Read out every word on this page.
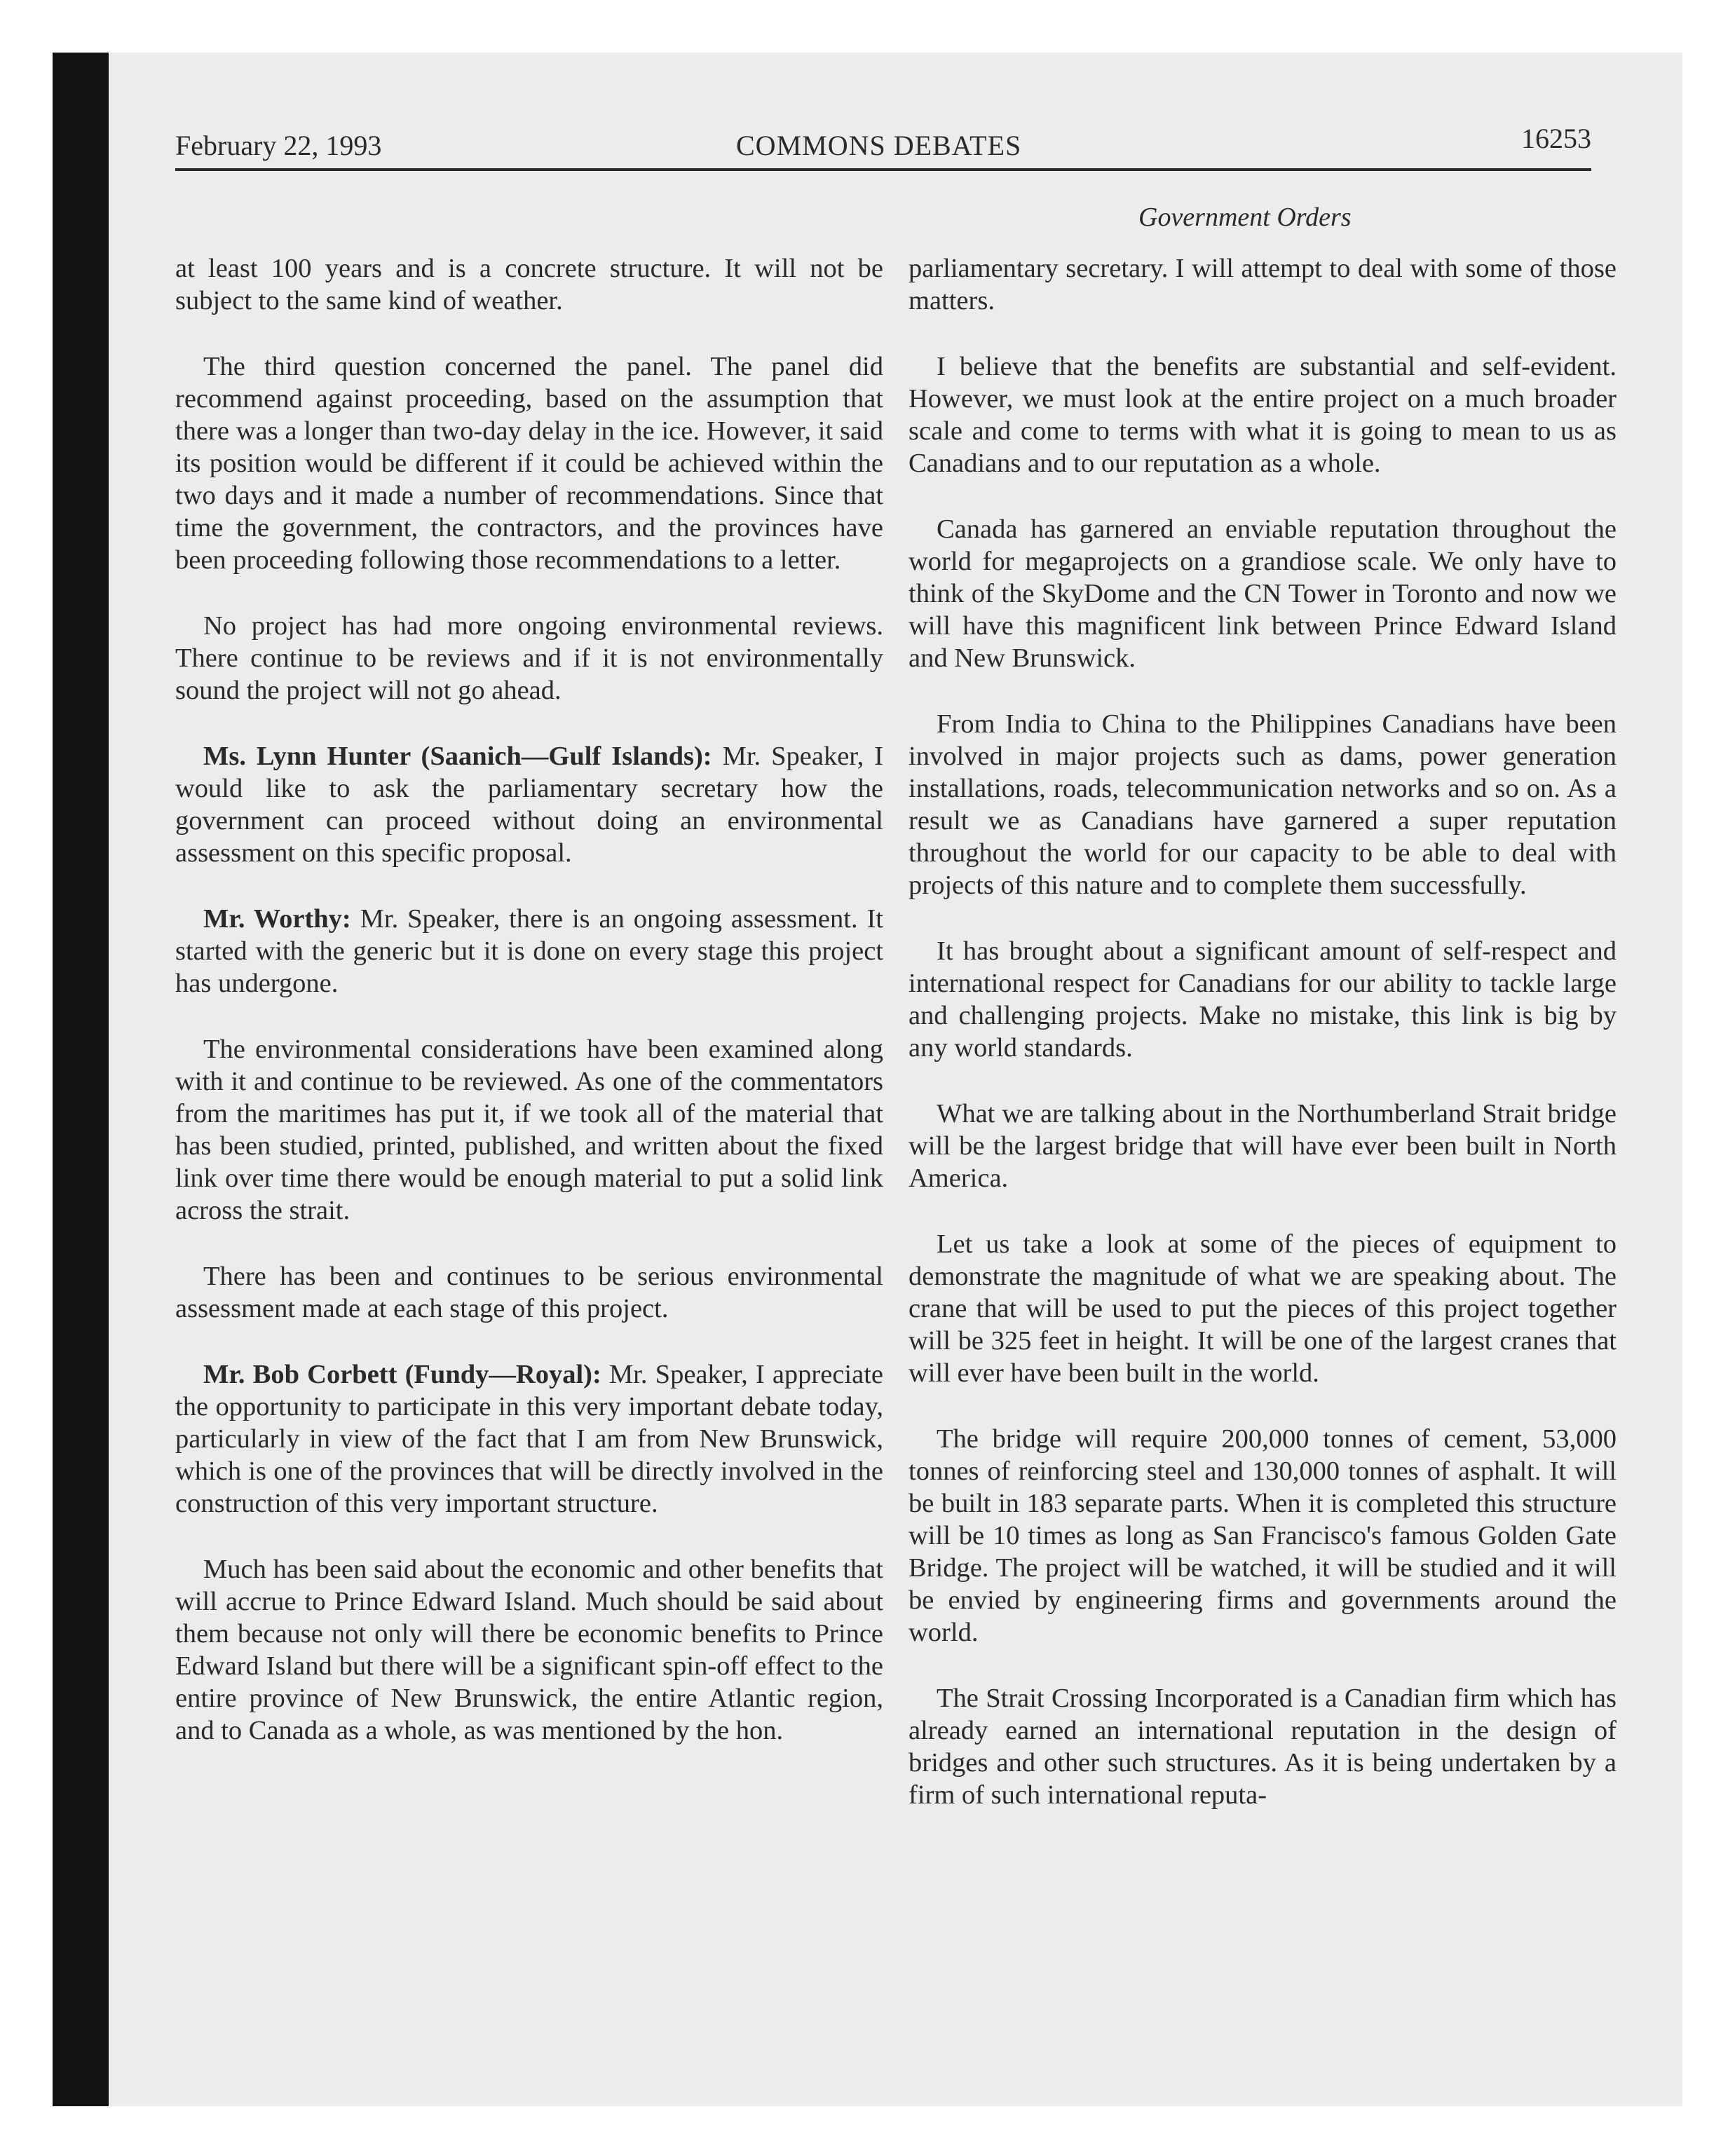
February 22, 1993	COMMONS DEBATES	16253
Government Orders

at least 100 years and is a concrete structure. It will not be subject to the same kind of weather.

The third question concerned the panel. The panel did recommend against proceeding, based on the assumption that there was a longer than two-day delay in the ice. However, it said its position would be different if it could be achieved within the two days and it made a number of recommendations. Since that time the government, the contractors, and the provinces have been proceeding following those recommendations to a letter.

No project has had more ongoing environmental reviews. There continue to be reviews and if it is not environmentally sound the project will not go ahead.

Ms. Lynn Hunter (Saanich—Gulf Islands): Mr. Speaker, I would like to ask the parliamentary secretary how the government can proceed without doing an environmental assessment on this specific proposal.

Mr. Worthy: Mr. Speaker, there is an ongoing assessment. It started with the generic but it is done on every stage this project has undergone.

The environmental considerations have been examined along with it and continue to be reviewed. As one of the commentators from the maritimes has put it, if we took all of the material that has been studied, printed, published, and written about the fixed link over time there would be enough material to put a solid link across the strait.

There has been and continues to be serious environmental assessment made at each stage of this project.

Mr. Bob Corbett (Fundy—Royal): Mr. Speaker, I appreciate the opportunity to participate in this very important debate today, particularly in view of the fact that I am from New Brunswick, which is one of the provinces that will be directly involved in the construction of this very important structure.

Much has been said about the economic and other benefits that will accrue to Prince Edward Island. Much should be said about them because not only will there be economic benefits to Prince Edward Island but there will be a significant spin-off effect to the entire province of New Brunswick, the entire Atlantic region, and to Canada as a whole, as was mentioned by the hon.

parliamentary secretary. I will attempt to deal with some of those matters.

I believe that the benefits are substantial and self-evident. However, we must look at the entire project on a much broader scale and come to terms with what it is going to mean to us as Canadians and to our reputation as a whole.

Canada has garnered an enviable reputation throughout the world for megaprojects on a grandiose scale. We only have to think of the SkyDome and the CN Tower in Toronto and now we will have this magnificent link between Prince Edward Island and New Brunswick.

From India to China to the Philippines Canadians have been involved in major projects such as dams, power generation installations, roads, telecommunication networks and so on. As a result we as Canadians have garnered a super reputation throughout the world for our capacity to be able to deal with projects of this nature and to complete them successfully.

It has brought about a significant amount of self-respect and international respect for Canadians for our ability to tackle large and challenging projects. Make no mistake, this link is big by any world standards.

What we are talking about in the Northumberland Strait bridge will be the largest bridge that will have ever been built in North America.

Let us take a look at some of the pieces of equipment to demonstrate the magnitude of what we are speaking about. The crane that will be used to put the pieces of this project together will be 325 feet in height. It will be one of the largest cranes that will ever have been built in the world.

The bridge will require 200,000 tonnes of cement, 53,000 tonnes of reinforcing steel and 130,000 tonnes of asphalt. It will be built in 183 separate parts. When it is completed this structure will be 10 times as long as San Francisco's famous Golden Gate Bridge. The project will be watched, it will be studied and it will be envied by engineering firms and governments around the world.

The Strait Crossing Incorporated is a Canadian firm which has already earned an international reputation in the design of bridges and other such structures. As it is being undertaken by a firm of such international reputa-
